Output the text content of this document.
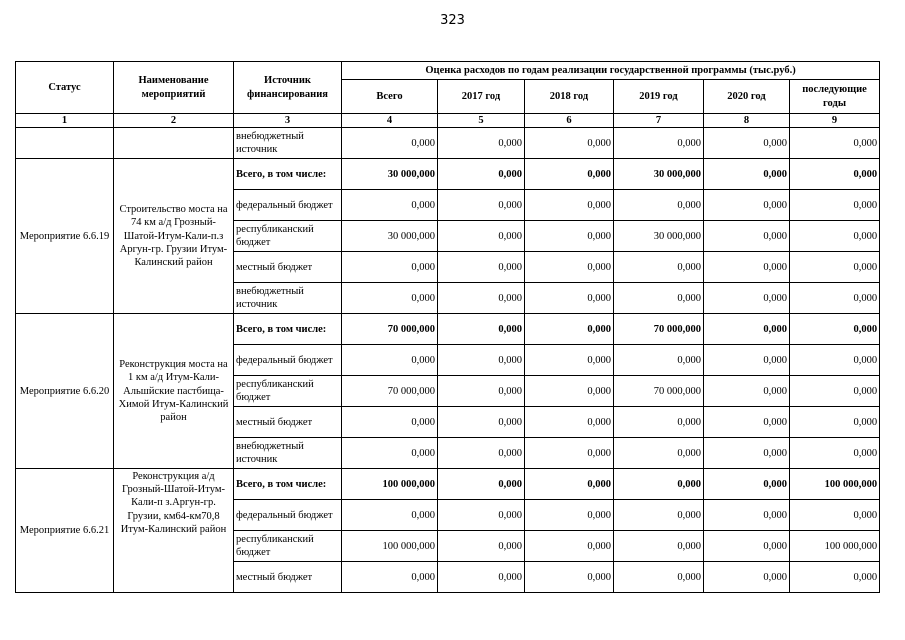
323
Статус	Наименование мероприятий	Источник финансирования	Оценка расходов по годам реализации государственной программы (тыс.руб.)					
			Всего	2017 год	2018 год	2019 год	2020 год	последующие годы
1	2	3	4	5	6	7	8	9
		внебюджетный источник	0,000	0,000	0,000	0,000	0,000	0,000
Мероприятие 6.6.19	Строительство моста на 74 км а/д Грозный-Шатой-Итум-Кали-п.з Аргун-гр. Грузии Итум-Калинский район	Всего, в том числе:	30 000,000	0,000	0,000	30 000,000	0,000	0,000
		федеральный бюджет	0,000	0,000	0,000	0,000	0,000	0,000
		республиканский бюджет	30 000,000	0,000	0,000	30 000,000	0,000	0,000
		местный бюджет	0,000	0,000	0,000	0,000	0,000	0,000
		внебюджетный источник	0,000	0,000	0,000	0,000	0,000	0,000
Мероприятие 6.6.20	Реконструкция моста на 1 км а/д Итум-Кали-Альшйские пастбища-Химой Итум-Калинский район	Всего, в том числе:	70 000,000	0,000	0,000	70 000,000	0,000	0,000
		федеральный бюджет	0,000	0,000	0,000	0,000	0,000	0,000
		республиканский бюджет	70 000,000	0,000	0,000	70 000,000	0,000	0,000
		местный бюджет	0,000	0,000	0,000	0,000	0,000	0,000
		внебюджетный источник	0,000	0,000	0,000	0,000	0,000	0,000
Мероприятие 6.6.21	Реконструкция а/д Грозный-Шатой-Итум-Кали-п з.Аргун-гр. Грузии, км64-км70,8 Итум-Калинский район	Всего, в том числе:	100 000,000	0,000	0,000	0,000	0,000	100 000,000
		федеральный бюджет	0,000	0,000	0,000	0,000	0,000	0,000
		республиканский бюджет	100 000,000	0,000	0,000	0,000	0,000	100 000,000
		местный бюджет	0,000	0,000	0,000	0,000	0,000	0,000
